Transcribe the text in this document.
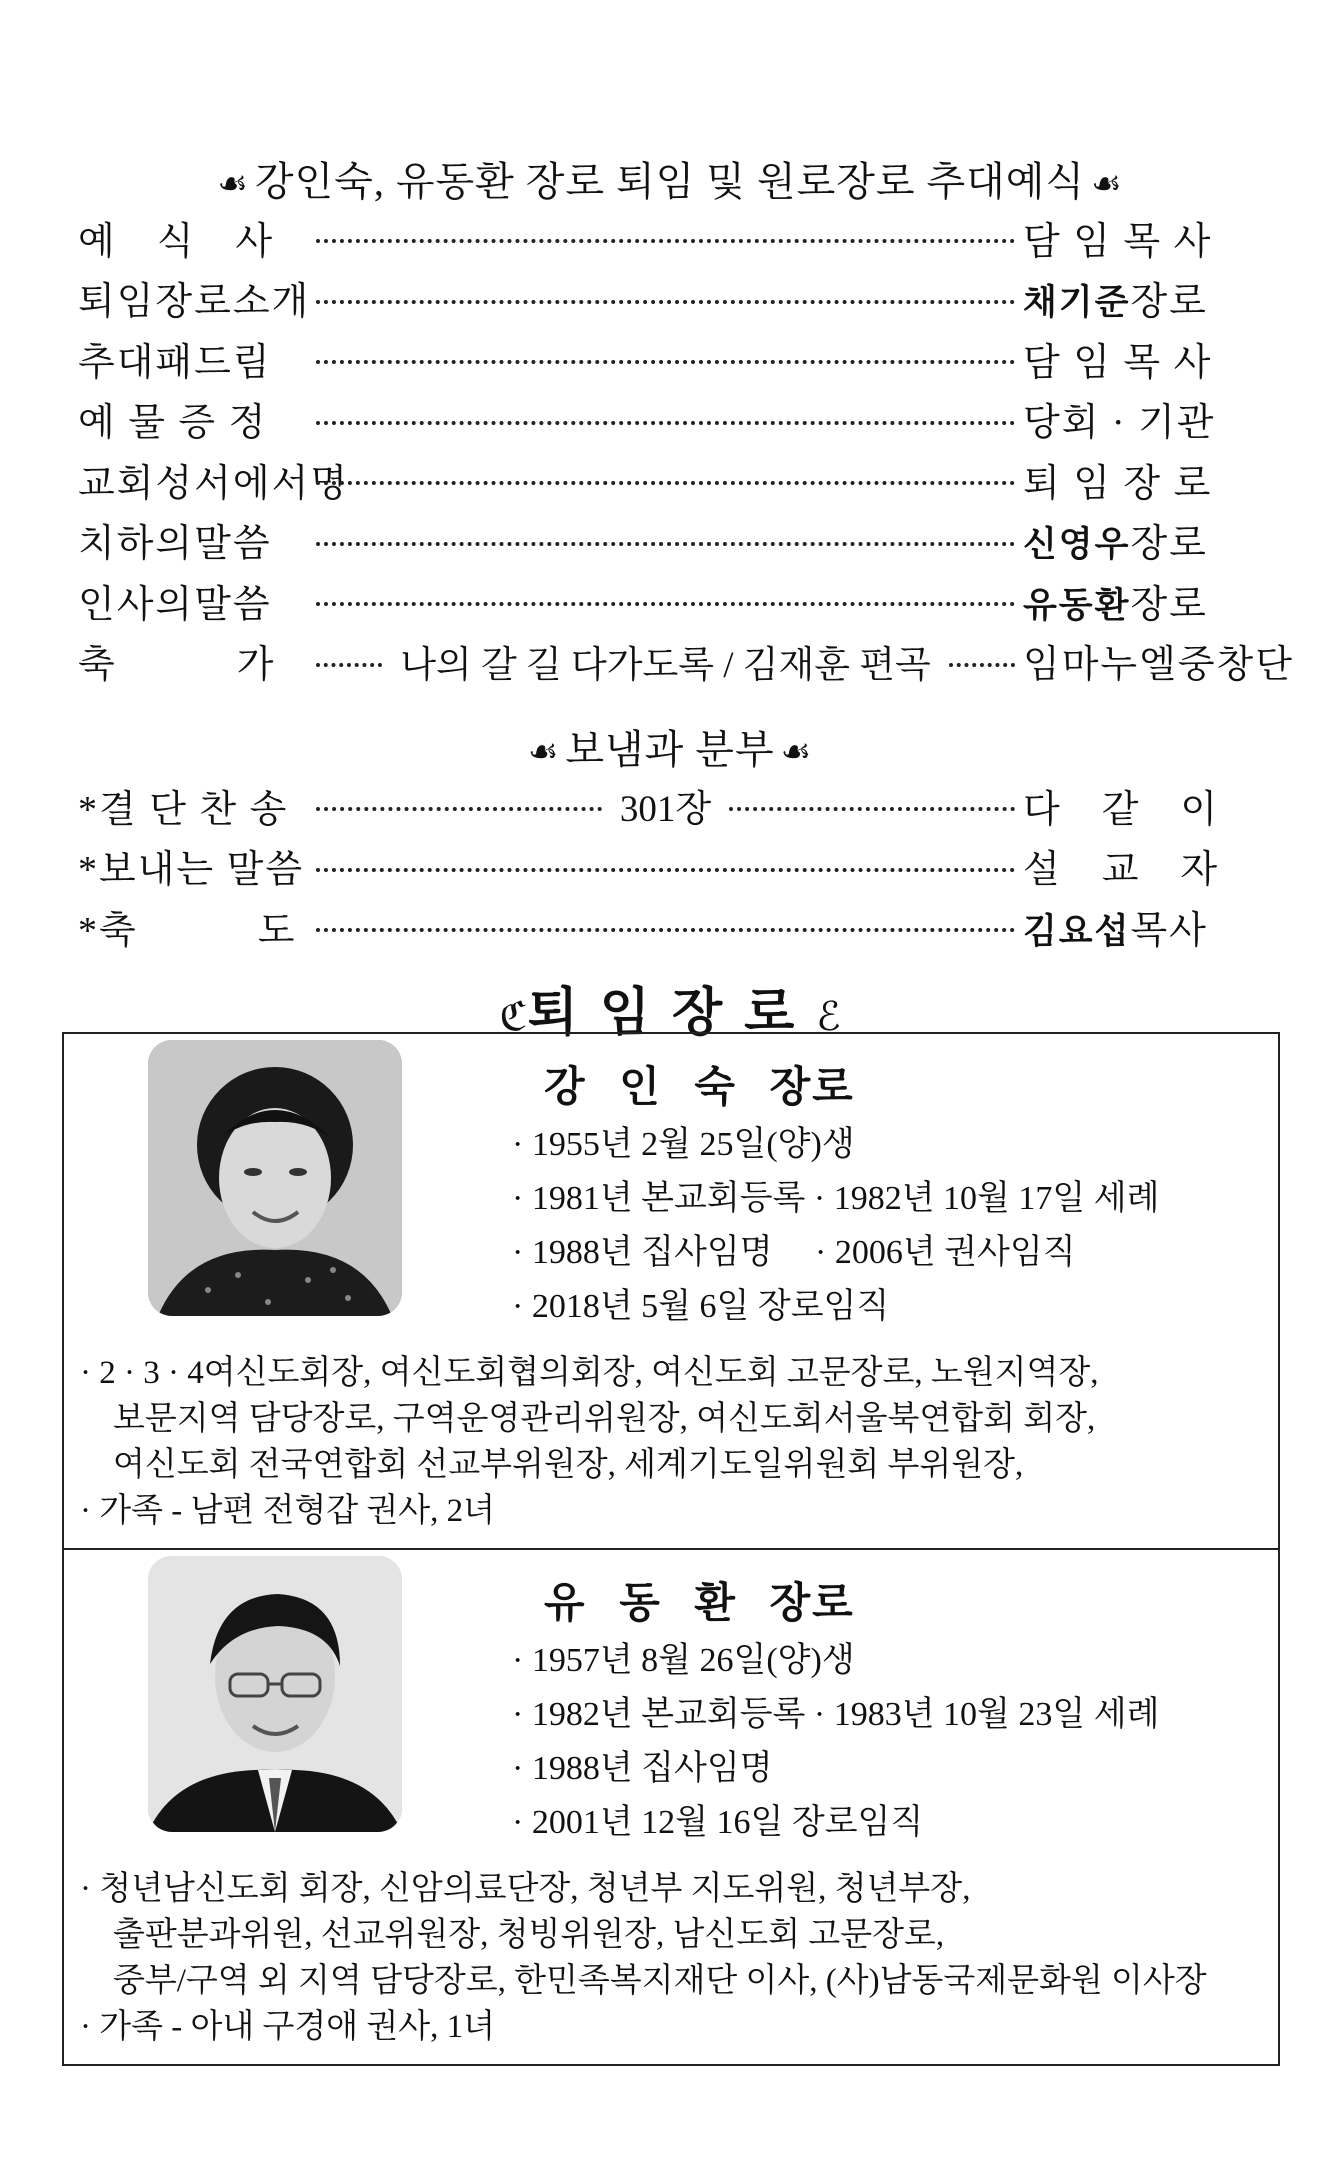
☙ 강인숙, 유동환 장로 퇴임 및 원로장로 추대예식 ☙
예　식　사	담 임 목 사
퇴임장로소개	채기준장로
추대패드림	담 임 목 사
예 물 증 정	당회 · 기관
교회성서에서명	퇴 임 장 로
치하의말씀	신영우장로
인사의말씀	유동환장로
축　　　가	나의 갈 길 다가도록 / 김재훈 편곡 임마누엘중창단
☙ 보냄과 분부 ☙
*결 단 찬 송	301장	다　같　이
*보내는 말씀	설　교　자
*축　　　도	김요섭목사
ℭ퇴임장로ℰ
강 인 숙 장로
· 1955년 2월 25일(양)생
· 1981년 본교회등록 · 1982년 10월 17일 세례
· 1988년 집사임명　 · 2006년 권사임직
· 2018년 5월 6일 장로임직
· 2 · 3 · 4여신도회장, 여신도회협의회장, 여신도회 고문장로, 노원지역장,
　보문지역 담당장로, 구역운영관리위원장, 여신도회서울북연합회 회장,
　여신도회 전국연합회 선교부위원장, 세계기도일위원회 부위원장,
· 가족 - 남편 전형갑 권사, 2녀
유 동 환 장로
· 1957년 8월 26일(양)생
· 1982년 본교회등록 · 1983년 10월 23일 세례
· 1988년 집사임명
· 2001년 12월 16일 장로임직
· 청년남신도회 회장, 신암의료단장, 청년부 지도위원, 청년부장,
　출판분과위원, 선교위원장, 청빙위원장, 남신도회 고문장로,
　중부/구역 외 지역 담당장로, 한민족복지재단 이사, (사)남동국제문화원 이사장
· 가족 - 아내 구경애 권사, 1녀
